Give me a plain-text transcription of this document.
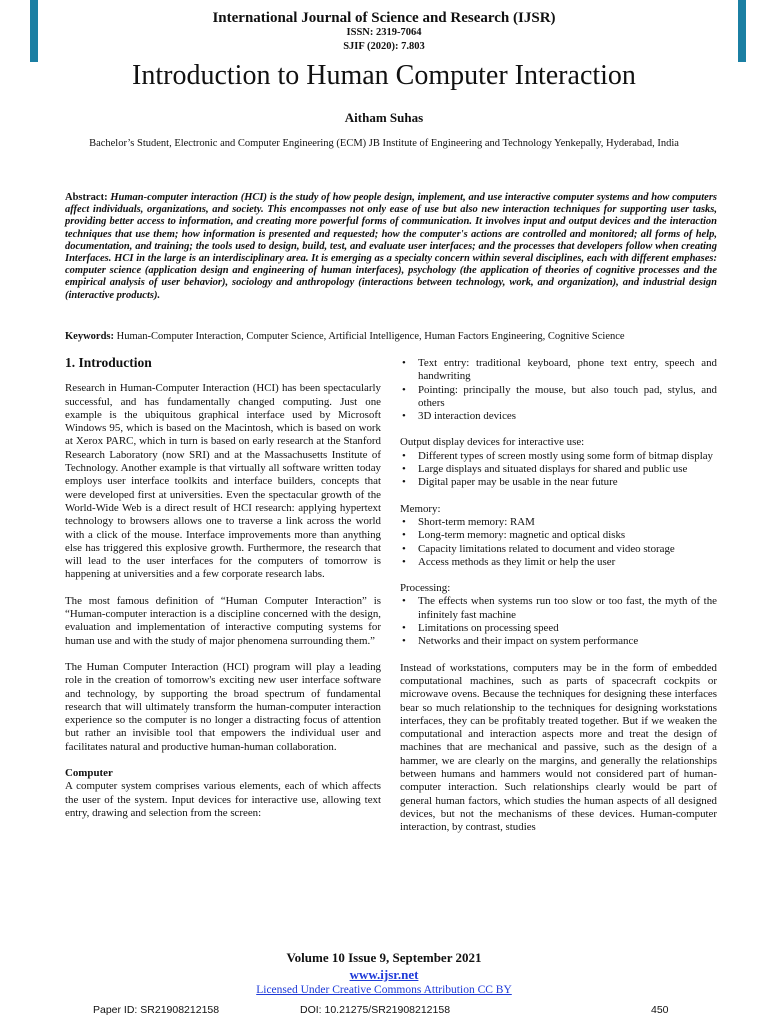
International Journal of Science and Research (IJSR)
ISSN: 2319-7064
SJIF (2020): 7.803
Introduction to Human Computer Interaction
Aitham Suhas
Bachelor’s Student, Electronic and Computer Engineering (ECM) JB Institute of Engineering and Technology Yenkepally, Hyderabad, India
Abstract: Human-computer interaction (HCI) is the study of how people design, implement, and use interactive computer systems and how computers affect individuals, organizations, and society. This encompasses not only ease of use but also new interaction techniques for supporting user tasks, providing better access to information, and creating more powerful forms of communication. It involves input and output devices and the interaction techniques that use them; how information is presented and requested; how the computer's actions are controlled and monitored; all forms of help, documentation, and training; the tools used to design, build, test, and evaluate user interfaces; and the processes that developers follow when creating Interfaces. HCI in the large is an interdisciplinary area. It is emerging as a specialty concern within several disciplines, each with different emphases: computer science (application design and engineering of human interfaces), psychology (the application of theories of cognitive processes and the empirical analysis of user behavior), sociology and anthropology (interactions between technology, work, and organization), and industrial design (interactive products).
Keywords: Human-Computer Interaction, Computer Science, Artificial Intelligence, Human Factors Engineering, Cognitive Science
1. Introduction

Research in Human-Computer Interaction (HCI) has been spectacularly successful, and has fundamentally changed computing. Just one example is the ubiquitous graphical interface used by Microsoft Windows 95, which is based on the Macintosh, which is based on work at Xerox PARC, which in turn is based on early research at the Stanford Research Laboratory (now SRI) and at the Massachusetts Institute of Technology. Another example is that virtually all software written today employs user interface toolkits and interface builders, concepts that were developed first at universities. Even the spectacular growth of the World-Wide Web is a direct result of HCI research: applying hypertext technology to browsers allows one to traverse a link across the world with a click of the mouse. Interface improvements more than anything else has triggered this explosive growth. Furthermore, the research that will lead to the user interfaces for the computers of tomorrow is happening at universities and a few corporate research labs.

The most famous definition of “Human Computer Interaction” is “Human-computer interaction is a discipline concerned with the design, evaluation and implementation of interactive computing systems for human use and with the study of major phenomena surrounding them.”

The Human Computer Interaction (HCI) program will play a leading role in the creation of tomorrow's exciting new user interface software and technology, by supporting the broad spectrum of fundamental research that will ultimately transform the human-computer interaction experience so the computer is no longer a distracting focus of attention but rather an invisible tool that empowers the individual user and facilitates natural and productive human-human collaboration.

Computer

A computer system comprises various elements, each of which affects the user of the system. Input devices for interactive use, allowing text entry, drawing and selection from the screen:

• Text entry: traditional keyboard, phone text entry, speech and handwriting
• Pointing: principally the mouse, but also touch pad, stylus, and others
• 3D interaction devices

Output display devices for interactive use:

• Different types of screen mostly using some form of bitmap display
• Large displays and situated displays for shared and public use
• Digital paper may be usable in the near future

Memory:

• Short-term memory: RAM
• Long-term memory: magnetic and optical disks
• Capacity limitations related to document and video storage
• Access methods as they limit or help the user

Processing:

• The effects when systems run too slow or too fast, the myth of the infinitely fast machine
• Limitations on processing speed
• Networks and their impact on system performance

Instead of workstations, computers may be in the form of embedded computational machines, such as parts of spacecraft cockpits or microwave ovens. Because the techniques for designing these interfaces bear so much relationship to the techniques for designing workstations interfaces, they can be profitably treated together. But if we weaken the computational and interaction aspects more and treat the design of machines that are mechanical and passive, such as the design of a hammer, we are clearly on the margins, and generally the relationships between humans and hammers would not considered part of human-computer interaction. Such relationships clearly would be part of general human factors, which studies the human aspects of all designed devices, but not the mechanisms of these devices. Human-computer interaction, by contrast, studies

Volume 10 Issue 9, September 2021
www.ijsr.net
Licensed Under Creative Commons Attribution CC BY
Paper ID: SR21908212158	DOI: 10.21275/SR21908212158	450
